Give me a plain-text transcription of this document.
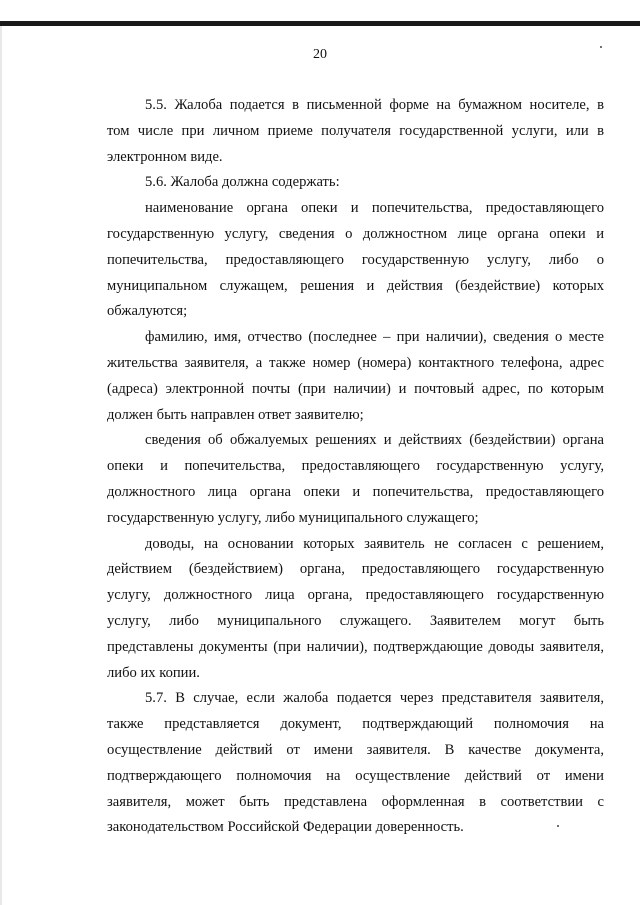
20
5.5. Жалоба подается в письменной форме на бумажном носителе, в
том числе при личном приеме получателя государственной услуги, или в
электронном виде.
5.6. Жалоба должна содержать:
наименование органа опеки и попечительства, предоставляющего
государственную услугу, сведения о должностном лице органа опеки и
попечительства, предоставляющего государственную услугу, либо о
муниципальном служащем, решения и действия (бездействие) которых
обжалуются;
фамилию, имя, отчество (последнее – при наличии), сведения о месте
жительства заявителя, а также номер (номера) контактного телефона, адрес
(адреса) электронной почты (при наличии) и почтовый адрес, по которым
должен быть направлен ответ заявителю;
сведения об обжалуемых решениях и действиях (бездействии) органа
опеки и попечительства, предоставляющего государственную услугу,
должностного лица органа опеки и попечительства, предоставляющего
государственную услугу, либо муниципального служащего;
доводы, на основании которых заявитель не согласен с решением,
действием (бездействием) органа, предоставляющего государственную
услугу, должностного лица органа, предоставляющего государственную
услугу, либо муниципального служащего. Заявителем могут быть
представлены документы (при наличии), подтверждающие доводы заявителя,
либо их копии.
5.7. В случае, если жалоба подается через представителя заявителя,
также представляется документ, подтверждающий полномочия на
осуществление действий от имени заявителя. В качестве документа,
подтверждающего полномочия на осуществление действий от имени
заявителя, может быть представлена оформленная в соответствии с
законодательством Российской Федерации доверенность.
